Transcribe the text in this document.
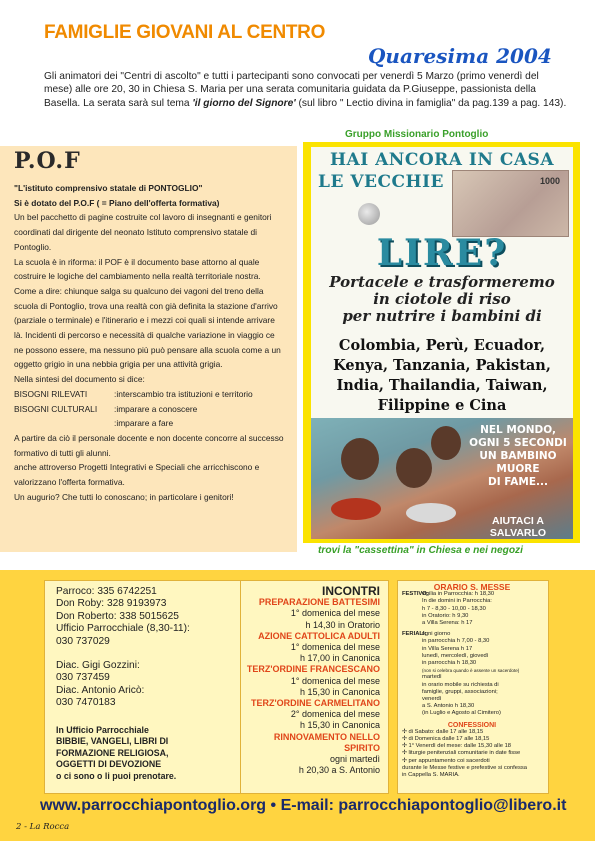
FAMIGLIE GIOVANI AL CENTRO
Quaresima 2004
Gli animatori dei "Centri di ascolto" e tutti i partecipanti sono convocati per venerdì 5 Marzo (primo venerdì del mese) alle ore 20, 30 in Chiesa S. Maria per una serata comunitaria guidata da P.Giuseppe, passionista della Basella. La serata sarà sul tema 'il giorno del Signore' (sul libro " Lectio divina in famiglia" da pag.139 a pag. 143).
P.O.F

"L'istituto comprensivo statale di PONTOGLIO"

Si è dotato del P.O.F ( = Piano dell'offerta formativa)

Un bel pacchetto di pagine costruite col lavoro di insegnanti e genitori coordinati dal dirigente del neonato Istituto comprensivo statale di Pontoglio.

La scuola è in riforma: il POF è il documento base attorno al quale costruire le logiche del cambiamento nella realtà territoriale nostra.

Come a dire: chiunque salga su qualcuno dei vagoni del treno della scuola di Pontoglio, trova una realtà con già definita la stazione d'arrivo (parziale o terminale) e l'itinerario e i mezzi coi quali si intende arrivare là. Incidenti di percorso e necessità di qualche variazione in viaggio ce ne possono essere, ma nessuno più può pensare alla scuola come a un oggetto grigio in una nebbia grigia per una attività grigia.

Nella sintesi del documento si dice:

BISOGNI RILEVATI	:interscambio tra istituzioni e territorio

BISOGNI CULTURALI :imparare a conoscere

:imparare a fare

A partire da ciò il personale docente e non docente concorre al successo formativo di tutti gli alunni.

anche attroverso Progetti Integrativi e Speciali che arricchiscono e valorizzano l'offerta formativa.

Un augurio? Che tutti lo conoscano; in particolare i genitori!

Gruppo Missionario Pontoglio
1000
HAI ANCORA IN CASA
LE VECCHIE
LIRE?
Portacele e trasformeremo
in ciotole di riso
per nutrire i bambini di
Colombia, Perù, Ecuador,
Kenya, Tanzania, Pakistan,
India, Thailandia, Taiwan,
Filippine e Cina
NEL MONDO,
OGNI 5 SECONDI
UN BAMBINO
MUORE
DI FAME...
AIUTACI A SALVARLO
trovi la "cassettina" in Chiesa e nei negozi
Parroco: 335 6742251
Don Roby: 328 9193973
Don Roberto: 338 5015625
Ufficio Parrocchiale (8,30-11):
030 737029
Diac. Gigi Gozzini:
030 737459
Diac. Antonio Aricò:
030 7470183
In Ufficio Parrocchiale
BIBBIE, VANGELI, LIBRI DI
FORMAZIONE RELIGIOSA,
OGGETTI DI DEVOZIONE
o ci sono o li puoi prenotare.
INCONTRI
PREPARAZIONE BATTESIMI
1° domenica del mese
h 14,30 in Oratorio
AZIONE CATTOLICA ADULTI
1° domenica del mese
h 17,00 in Canonica
TERZ'ORDINE FRANCESCANO
1° domenica del mese
h 15,30 in Canonica
TERZ'ORDINE CARMELITANO
2° domenica del mese
h 15,30 in Canonica
RINNOVAMENTO NELLO SPIRITO
ogni martedì
h 20,30 a S. Antonio
ORARIO S. MESSE
FESTIVO: vigilia in Parrocchia: h 18,30
In die domini in Parrocchia:
h 7 - 8,30 - 10,00 - 18,30
in Oratorio: h 9,30
a Villa Serena: h 17
FERIALI: ogni giorno
in parrocchia h 7,00 - 8,30
in Villa Serena h 17
lunedì, mercoledì, giovedì
in parrocchia h 18,30
(non si celebra quando è assente un sacerdote)
martedì
in orario mobile su richiesta di
famiglie, gruppi, associazioni;
venerdì
a S. Antonio h 18,30
(in Luglio e Agosto al Cimitero)
CONFESSIONI
✢ di Sabato: dalle 17 alle 18,15
✢ di Domenica dalle 17 alle 18,15
✢ 1° Venerdì del mese: dalle 15,30 alle 18
✢ liturgie penitenziali comunitarie in date fisse
✢ per appuntamento coi sacerdoti
durante le Messe festive e prefestive si confessa
in Cappella S. MARIA.
www.parrocchiapontoglio.org • E-mail: parrocchiapontoglio@libero.it
2 - La Rocca
